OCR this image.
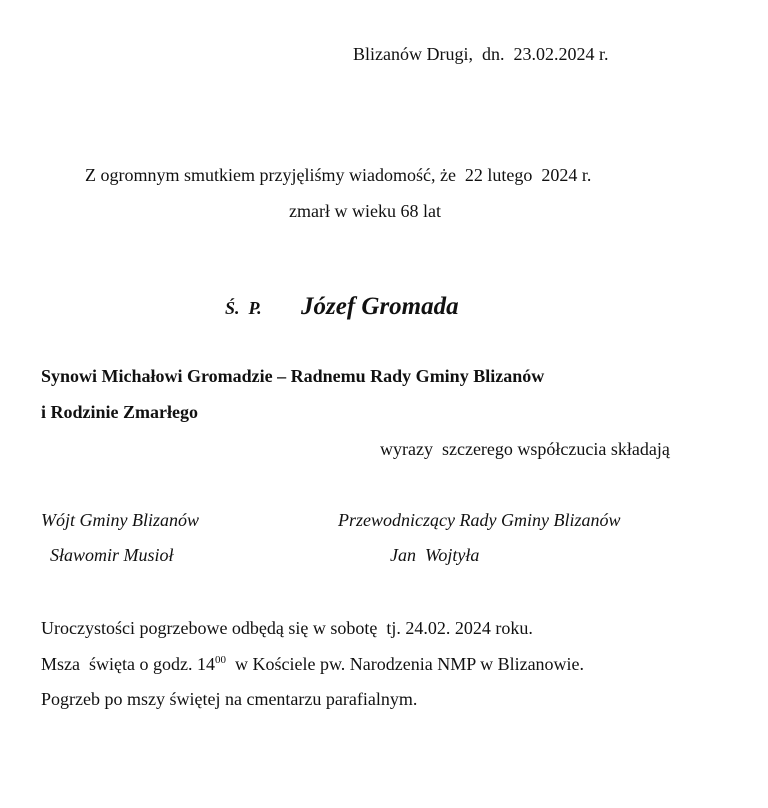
Blizanów Drugi,  dn.  23.02.2024 r.
Z ogromnym smutkiem przyjęliśmy wiadomość, że  22 lutego  2024 r.
zmarł w wieku 68 lat

Ś.  P. Józef Gromada

Synowi Michałowi Gromadzie – Radnemu Rady Gminy Blizanów
i Rodzinie Zmarłego
wyrazy  szczerego współczucia składają
Wójt Gminy Blizanów
Sławomir Musioł
Przewodniczący Rady Gminy Blizanów
Jan  Wojtyła
Uroczystości pogrzebowe odbędą się w sobotę  tj. 24.02. 2024 roku.
Msza  święta o godz. $14^{00}$  w Kościele pw. Narodzenia NMP w Blizanowie.
Pogrzeb po mszy świętej na cmentarzu parafialnym.
